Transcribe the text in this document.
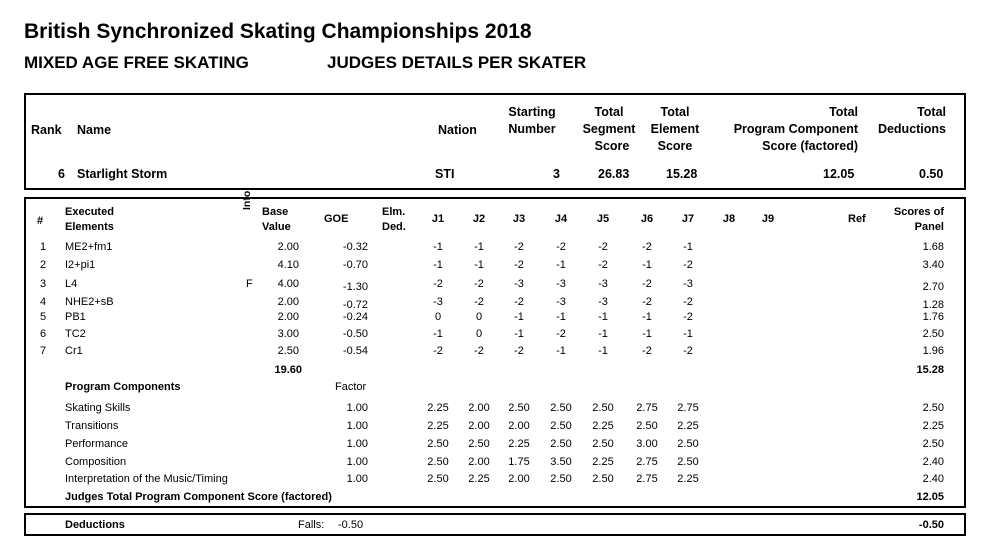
British Synchronized Skating Championships 2018
MIXED AGE FREE SKATING	JUDGES DETAILS PER SKATER
Rank Name	Nation
Starting
Number
Total
Segment
Score
Total
Element
Score
Total
Program Component
Score (factored)
Total
Deductions
6 Starlight Storm	STI	3	26.83	15.28	12.05	0.50
#
Executed
Elements
Info
Base
Value
GOE
Elm.
Ded.
Ref
Scores of
Panel
J1	J2	J3	J4	J5	J6	J7	J8	J9
1 ME2+fm1	2.00	-0.32	-1	-1	-2	-2	-2	-2	-1	1.68
2 I2+pi1	4.10	-0.70	-1	-1	-2	-1	-2	-1	-2	3.40
3 L4	F	4.00	-1.30	-2	-2	-3	-3	-3	-2	-3	2.70
4 NHE2+sB	2.00	-0.72	-3	-2	-2	-3	-3	-2	-2	1.28
5 PB1	2.00	-0.24	0	0	-1	-1	-1	-1	-2	1.76
6 TC2	3.00	-0.50	-1	0	-1	-2	-1	-1	-1	2.50
7 Cr1	2.50	-0.54	-2	-2	-2	-1	-1	-2	-2	1.96
19.60	15.28
Program Components	Factor
Skating Skills	1.00	2.25	2.00	2.50	2.50	2.50	2.75	2.75	2.50
Transitions	1.00	2.25	2.00	2.00	2.50	2.25	2.50	2.25	2.25
Performance	1.00	2.50	2.50	2.25	2.50	2.50	3.00	2.50	2.50
Composition	1.00	2.50	2.00	1.75	3.50	2.25	2.75	2.50	2.40
Interpretation of the Music/Timing	1.00	2.50	2.25	2.00	2.50	2.50	2.75	2.25	2.40
Judges Total Program Component Score (factored)	12.05
Deductions	Falls: -0.50	-0.50
